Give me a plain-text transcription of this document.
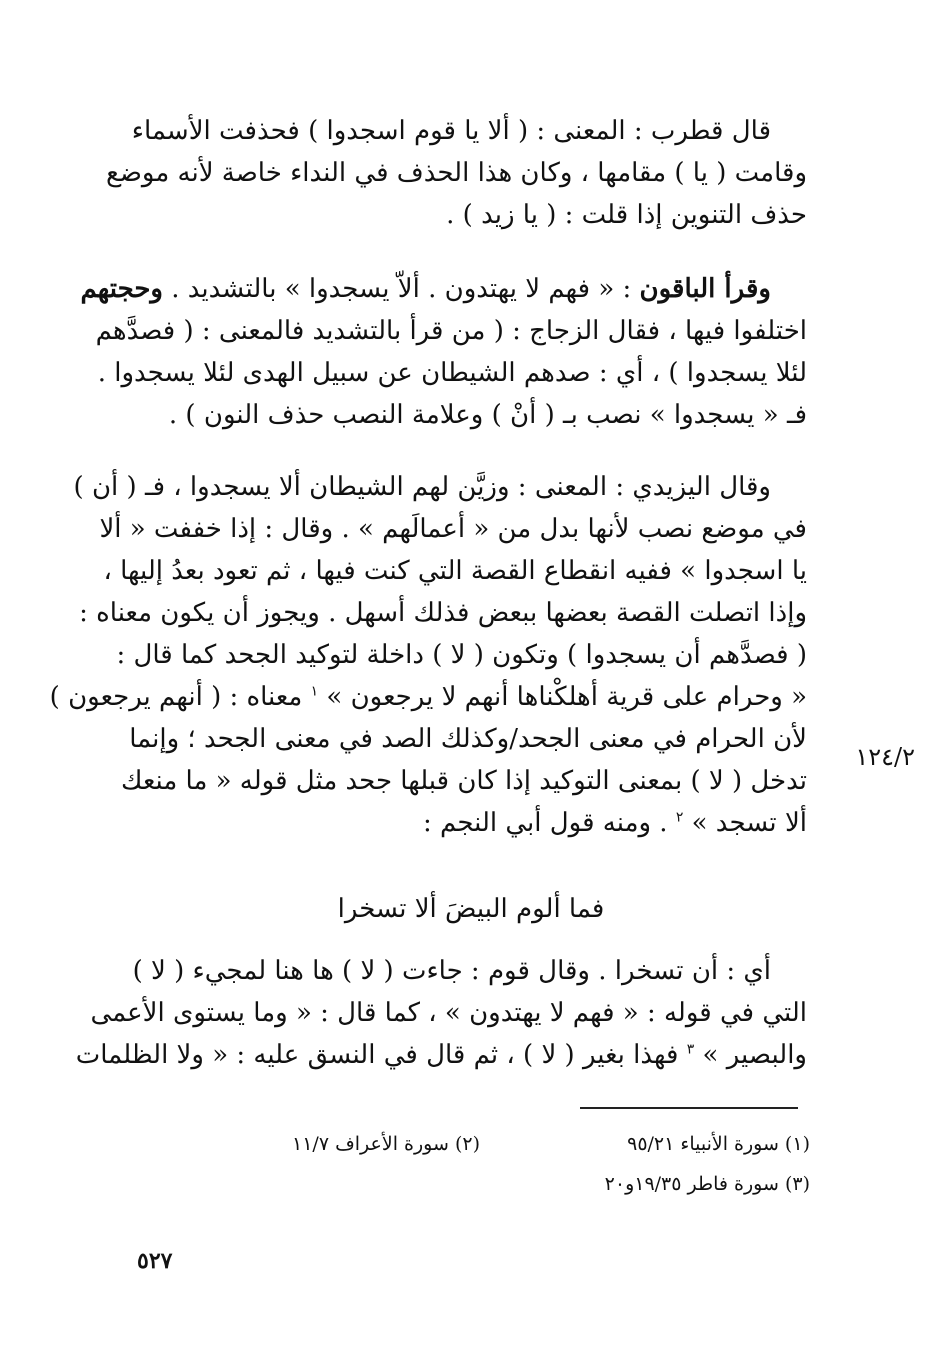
قال قطرب : المعنى : ( ألا يا قوم اسجدوا ) فحذفت الأسماء
وقامت ( يا ) مقامها ، وكان هذا الحذف في النداء خاصة لأنه موضع
حذف التنوين إذا قلت : ( يا زيد ) .
وقرأ الباقون : « فهم لا يهتدون . ألاّ يسجدوا » بالتشديد . وحجتهم
اختلفوا فيها ، فقال الزجاج : ( من قرأ بالتشديد فالمعنى : ( فصدَّهم
لئلا يسجدوا ) ، أي : صدهم الشيطان عن سبيل الهدى لئلا يسجدوا .
فـ « يسجدوا » نصب بـ ( أنْ ) وعلامة النصب حذف النون ) .
وقال اليزيدي : المعنى : وزيَّن لهم الشيطان ألا يسجدوا ، فـ ( أن )
في موضع نصب لأنها بدل من « أعمالَهم » . وقال : إذا خففت « ألا
يا اسجدوا » ففيه انقطاع القصة التي كنت فيها ، ثم تعود بعدُ إليها ،
وإذا اتصلت القصة بعضها ببعض فذلك أسهل . ويجوز أن يكون معناه :
( فصدَّهم أن يسجدوا ) وتكون ( لا ) داخلة لتوكيد الجحد كما قال :
« وحرام على قرية أهلكْناها أنهم لا يرجعون » $^١$ معناه : ( أنهم يرجعون )
لأن الحرام في معنى الجحد/وكذلك الصد في معنى الجحد ؛ وإنما
تدخل ( لا ) بمعنى التوكيد إذا كان قبلها جحد مثل قوله « ما منعك
ألا تسجد » $^٢$ . ومنه قول أبي النجم :
١٢٤/٢
فما ألوم البيضَ ألا تسخرا
أي : أن تسخرا . وقال قوم : جاءت ( لا ) ها هنا لمجيء ( لا )
التي في قوله : « فهم لا يهتدون » ، كما قال : « وما يستوى الأعمى
والبصير » $^٣$ فهذا بغير ( لا ) ، ثم قال في النسق عليه : « ولا الظلمات
(١) سورة الأنبياء ٩٥/٢١
(٢) سورة الأعراف ١١/٧
(٣) سورة فاطر ١٩/٣٥و٢٠
٥٢٧
